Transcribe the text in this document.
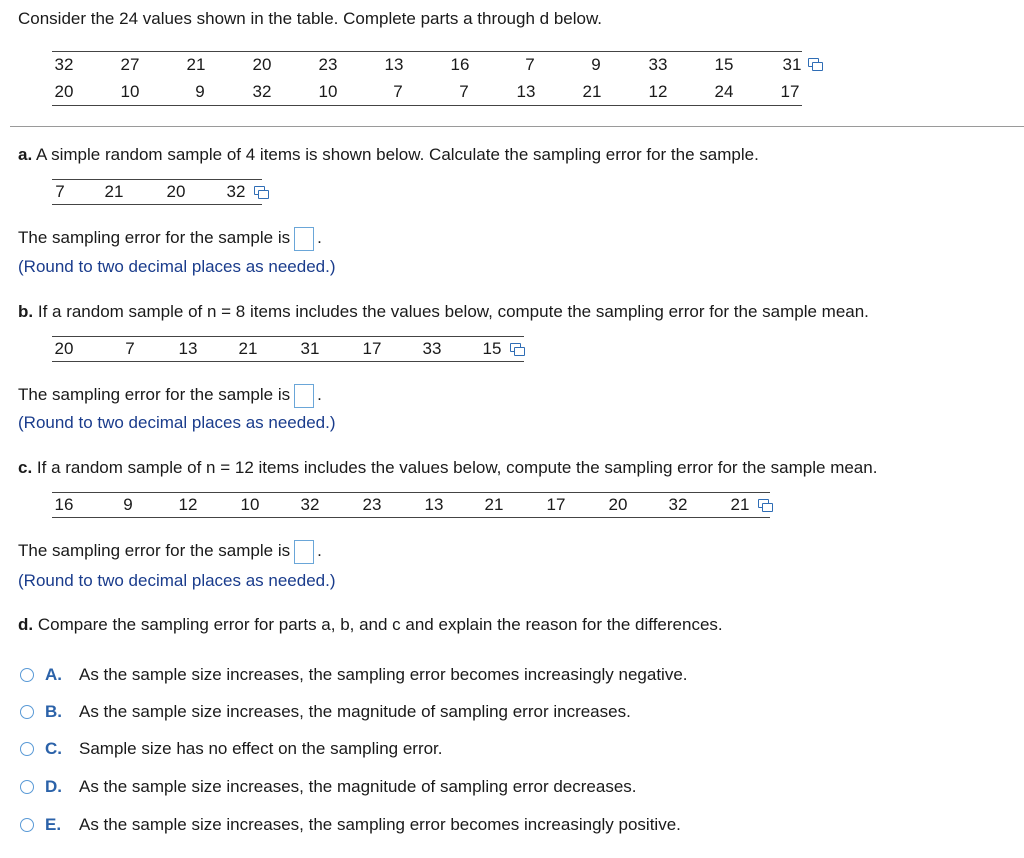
Consider the 24 values shown in the table. Complete parts a through d below.
32	27	21	20	23	13	16	7	9	33	15	31
20	10	9	32	10	7	7	13	21	12	24	17
a. A simple random sample of 4 items is shown below. Calculate the sampling error for the sample.
7 21	20 32
The sampling error for the sample is .
(Round to two decimal places as needed.)
b. If a random sample of n = 8 items includes the values below, compute the sampling error for the sample mean.
20	7	13 21	31	17 33 15
The sampling error for the sample is .
(Round to two decimal places as needed.)
c. If a random sample of n = 12 items includes the values below, compute the sampling error for the sample mean.
16	9	12	10 32	23	13 21	17	20 32	21
The sampling error for the sample is .
(Round to two decimal places as needed.)
d. Compare the sampling error for parts a, b, and c and explain the reason for the differences.
A.	As the sample size increases, the sampling error becomes increasingly negative.
B.	As the sample size increases, the magnitude of sampling error increases.
C.	Sample size has no effect on the sampling error.
D.	As the sample size increases, the magnitude of sampling error decreases.
E.	As the sample size increases, the sampling error becomes increasingly positive.
